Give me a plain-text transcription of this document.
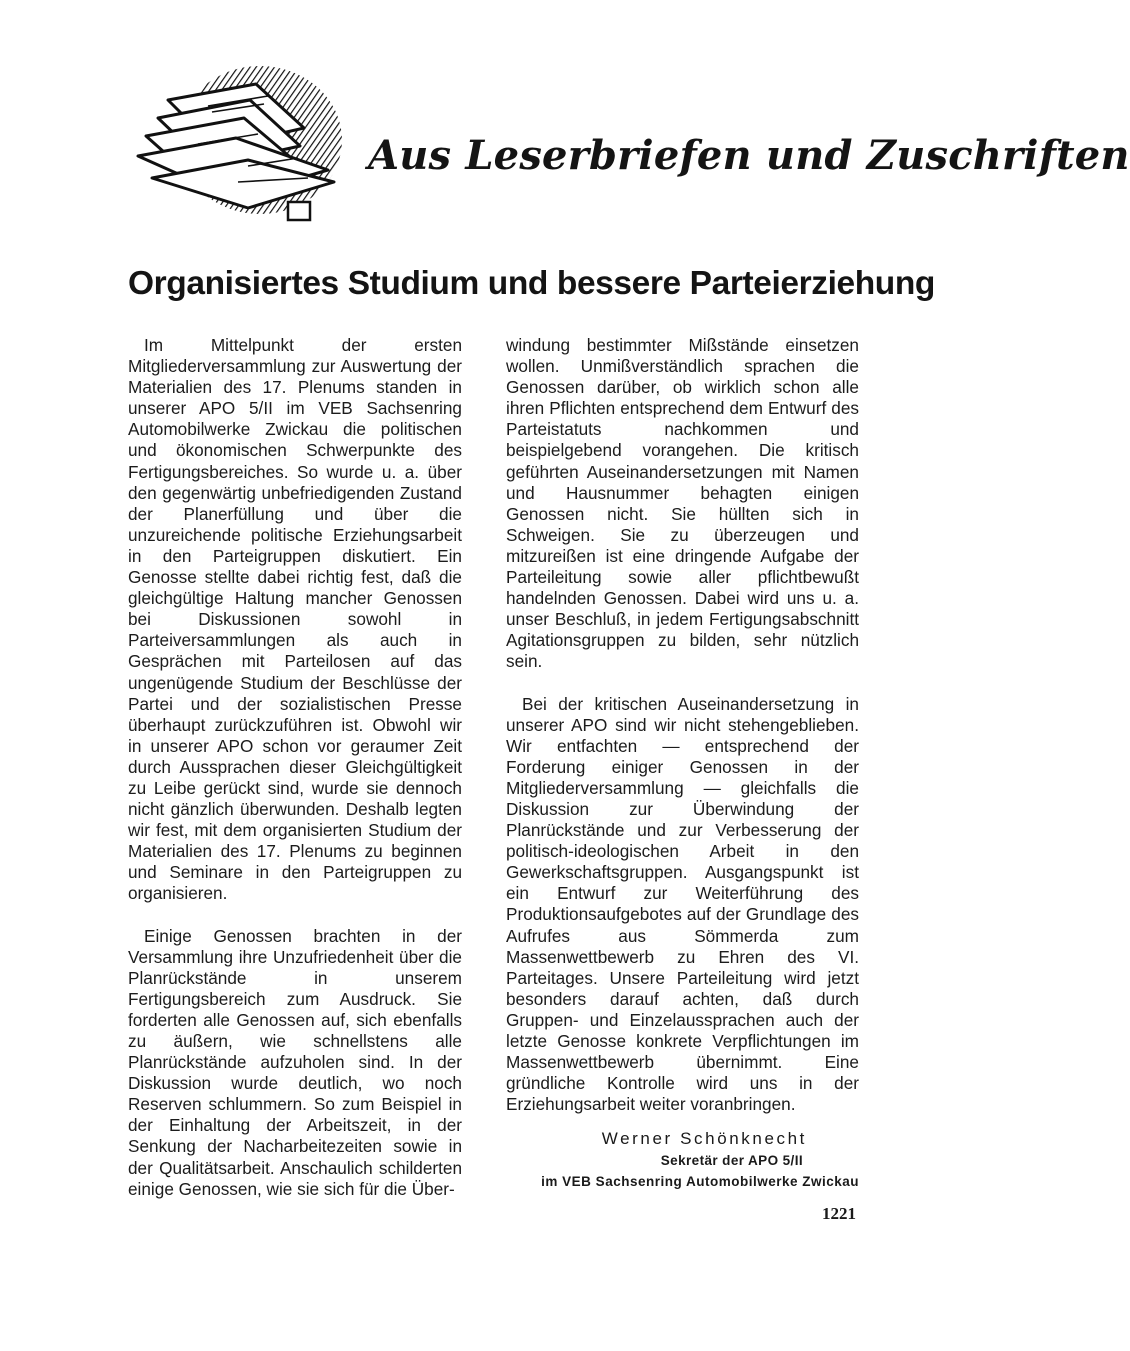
Aus Leserbriefen und Zuschriften
Organisiertes Studium und bessere Parteierziehung

Im Mittelpunkt der ersten Mitgliederversammlung zur Auswertung der Materialien des 17. Plenums standen in unserer APO 5/II im VEB Sachsenring Automobilwerke Zwickau die politischen und ökonomischen Schwerpunkte des Fertigungsbereiches. So wurde u. a. über den gegenwärtig unbefriedigenden Zustand der Planerfüllung und über die unzureichende politische Erziehungsarbeit in den Parteigruppen diskutiert. Ein Genosse stellte dabei richtig fest, daß die gleichgültige Haltung mancher Genossen bei Diskussionen sowohl in Parteiversammlungen als auch in Gesprächen mit Parteilosen auf das ungenügende Studium der Beschlüsse der Partei und der sozialistischen Presse überhaupt zurückzuführen ist. Obwohl wir in unserer APO schon vor geraumer Zeit durch Aussprachen dieser Gleichgültigkeit zu Leibe gerückt sind, wurde sie dennoch nicht gänzlich überwunden. Deshalb legten wir fest, mit dem organisierten Studium der Materialien des 17. Plenums zu beginnen und Seminare in den Parteigruppen zu organisieren.

Einige Genossen brachten in der Versammlung ihre Unzufriedenheit über die Planrückstände in unserem Fertigungsbereich zum Ausdruck. Sie forderten alle Genossen auf, sich ebenfalls zu äußern, wie schnellstens alle Planrückstände aufzuholen sind. In der Diskussion wurde deutlich, wo noch Reserven schlummern. So zum Beispiel in der Einhaltung der Arbeitszeit, in der Senkung der Nacharbeitezeiten sowie in der Qualitätsarbeit. Anschaulich schilderten einige Genossen, wie sie sich für die Über-

windung bestimmter Mißstände einsetzen wollen. Unmißverständlich sprachen die Genossen darüber, ob wirklich schon alle ihren Pflichten entsprechend dem Entwurf des Parteistatuts nachkommen und beispielgebend vorangehen. Die kritisch geführten Auseinandersetzungen mit Namen und Hausnummer behagten einigen Genossen nicht. Sie hüllten sich in Schweigen. Sie zu überzeugen und mitzureißen ist eine dringende Aufgabe der Parteileitung sowie aller pflichtbewußt handelnden Genossen. Dabei wird uns u. a. unser Beschluß, in jedem Fertigungsabschnitt Agitationsgruppen zu bilden, sehr nützlich sein.

Bei der kritischen Auseinandersetzung in unserer APO sind wir nicht stehengeblieben. Wir entfachten — entsprechend der Forderung einiger Genossen in der Mitgliederversammlung — gleichfalls die Diskussion zur Überwindung der Planrückstände und zur Verbesserung der politisch-ideologischen Arbeit in den Gewerkschaftsgruppen. Ausgangspunkt ist ein Entwurf zur Weiterführung des Produktionsaufgebotes auf der Grundlage des Aufrufes aus Sömmerda zum Massenwettbewerb zu Ehren des VI. Parteitages. Unsere Parteileitung wird jetzt besonders darauf achten, daß durch Gruppen- und Einzelaussprachen auch der letzte Genosse konkrete Verpflichtungen im Massenwettbewerb übernimmt. Eine gründliche Kontrolle wird uns in der Erziehungsarbeit weiter voranbringen.

Werner Schönknecht
Sekretär der APO 5/II
im VEB Sachsenring Automobilwerke Zwickau
1221
